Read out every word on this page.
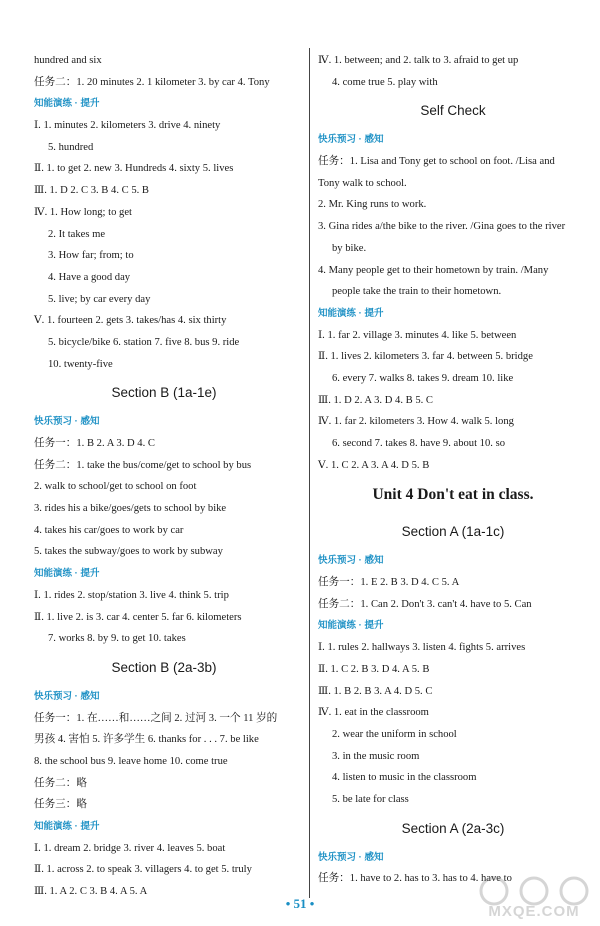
hundred and six
任务二：1. 20 minutes 2. 1 kilometer 3. by car 4. Tony
知能演练 · 提升
Ⅰ. 1. minutes 2. kilometers 3. drive 4. ninety
5. hundred
Ⅱ. 1. to get 2. new 3. Hundreds 4. sixty 5. lives
Ⅲ. 1. D 2. C 3. B 4. C 5. B
Ⅳ. 1. How long; to get
2. It takes me
3. How far; from; to
4. Have a good day
5. live; by car every day
Ⅴ. 1. fourteen 2. gets 3. takes/has 4. six thirty
5. bicycle/bike 6. station 7. five 8. bus 9. ride
10. twenty-five
Section B (1a-1e)
快乐预习 · 感知
任务一：1. B 2. A 3. D 4. C
任务二：1. take the bus/come/get to school by bus
2. walk to school/get to school on foot
3. rides his a bike/goes/gets to school by bike
4. takes his car/goes to work by car
5. takes the subway/goes to work by subway
知能演练 · 提升
Ⅰ. 1. rides 2. stop/station 3. live 4. think 5. trip
Ⅱ. 1. live 2. is 3. car 4. center 5. far 6. kilometers
7. works 8. by 9. to get 10. takes
Section B (2a-3b)
快乐预习 · 感知
任务一：1. 在……和……之间 2. 过河 3. 一个 11 岁的
男孩 4. 害怕 5. 许多学生 6. thanks for . . . 7. be like
8. the school bus 9. leave home 10. come true
任务二：略
任务三：略
知能演练 · 提升
Ⅰ. 1. dream 2. bridge 3. river 4. leaves 5. boat
Ⅱ. 1. across 2. to speak 3. villagers 4. to get 5. truly
Ⅲ. 1. A 2. C 3. B 4. A 5. A
Ⅳ. 1. between; and 2. talk to 3. afraid to get up
4. come true 5. play with
Self Check
快乐预习 · 感知
任务：1. Lisa and Tony get to school on foot. /Lisa and
Tony walk to school.
2. Mr. King runs to work.
3. Gina rides a/the bike to the river. /Gina goes to the river
by bike.
4. Many people get to their hometown by train. /Many
people take the train to their hometown.
知能演练 · 提升
Ⅰ. 1. far 2. village 3. minutes 4. like 5. between
Ⅱ. 1. lives 2. kilometers 3. far 4. between 5. bridge
6. every 7. walks 8. takes 9. dream 10. like
Ⅲ. 1. D 2. A 3. D 4. B 5. C
Ⅳ. 1. far 2. kilometers 3. How 4. walk 5. long
6. second 7. takes 8. have 9. about 10. so
Ⅴ. 1. C 2. A 3. A 4. D 5. B
Unit 4 Don't eat in class.
Section A (1a-1c)
快乐预习 · 感知
任务一：1. E 2. B 3. D 4. C 5. A
任务二：1. Can 2. Don't 3. can't 4. have to 5. Can
知能演练 · 提升
Ⅰ. 1. rules 2. hallways 3. listen 4. fights 5. arrives
Ⅱ. 1. C 2. B 3. D 4. A 5. B
Ⅲ. 1. B 2. B 3. A 4. D 5. C
Ⅳ. 1. eat in the classroom
2. wear the uniform in school
3. in the music room
4. listen to music in the classroom
5. be late for class
Section A (2a-3c)
快乐预习 · 感知
任务：1. have to 2. has to 3. has to 4. have to
• 51 •	MXQE.COM
